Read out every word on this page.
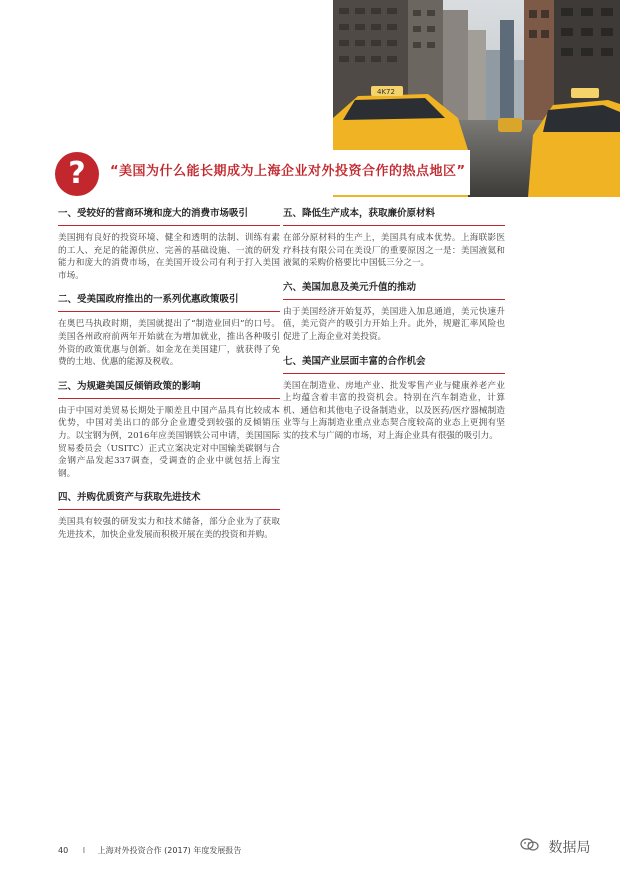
4K72
?	“美国为什么能长期成为上海企业对外投资合作的热点地区”
一、受较好的营商环境和庞大的消费市场吸引
美国拥有良好的投资环境、健全和透明的法制、训练有素的工人、充足的能源供应、完善的基础设施、一流的研发能力和庞大的消费市场，在美国开设公司有利于打入美国市场。
二、受美国政府推出的一系列优惠政策吸引
在奥巴马执政时期，美国就提出了“制造业回归”的口号。美国各州政府前两年开始就在为增加就业，推出各种吸引外资的政策优惠与创新。如金龙在美国建厂，就获得了免费的土地、优惠的能源及税收。
三、为规避美国反倾销政策的影响
由于中国对美贸易长期处于顺差且中国产品具有比较成本优势，中国对美出口的部分企业遭受到较强的反倾销压力。以宝钢为例，2016年应美国钢铁公司申请，美国国际贸易委员会（USITC）正式立案决定对中国输美碳钢与合金钢产品发起337调查，受调查的企业中就包括上海宝钢。
四、并购优质资产与获取先进技术
美国具有较强的研发实力和技术储备，部分企业为了获取先进技术，加快企业发展而积极开展在美的投资和并购。
五、降低生产成本，获取廉价原材料
在部分原材料的生产上，美国具有成本优势。上海联影医疗科技有限公司在美设厂的重要原因之一是：美国液氦和液氮的采购价格要比中国低三分之一。
六、美国加息及美元升值的推动
由于美国经济开始复苏，美国进入加息通道，美元快速升值，美元资产的吸引力开始上升。此外，规避汇率风险也促进了上海企业对美投资。
七、美国产业层面丰富的合作机会
美国在制造业、房地产业、批发零售产业与健康养老产业上均蕴含着丰富的投资机会。特别在汽车制造业，计算机、通信和其他电子设备制造业，以及医药/医疗器械制造业等与上海制造业重点业态契合度较高的业态上更拥有坚实的技术与广阔的市场，对上海企业具有很强的吸引力。
40 I 上海对外投资合作 (2017) 年度发展报告	数据局
